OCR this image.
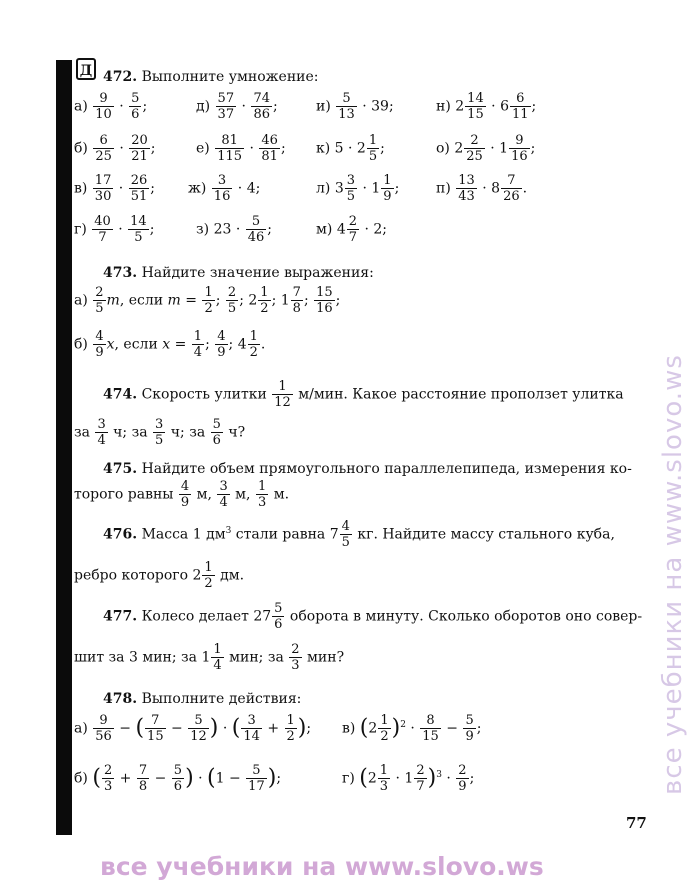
Д 472. Выполните умножение:
$а) \frac{9}{10} \cdot \frac{5}{6}$ ;	$д) \frac{57}{37} \cdot \frac{74}{86}$ ;	$и) \frac{5}{13} \cdot 39$;	н) $2 \frac{14}{15} \cdot 6 \frac{6}{11}$ ;
$б) \frac{6}{25} \cdot \frac{20}{21}$ ;	$е) \frac{81}{115} \cdot \frac{46}{81}$ ; к) $5 \cdot 2 \frac{1}{5}$ ;	о) $2 \frac{2}{25} \cdot 1 \frac{9}{16}$ ;
$в) \frac{17}{30} \cdot \frac{26}{51}$ ; $ж) \frac{3}{16} \cdot 4$;	л) $3 \frac{3}{5} \cdot 1 \frac{1}{9}$ ;	$п) \frac{13}{43} \cdot 8 \frac{7}{26}$ .
$г) \frac{40}{7} \cdot \frac{14}{5}$ ;	з) $23 \cdot \frac{5}{46}$ ;	м) $4 \frac{2}{7} \cdot 2$;
473. Найдите значение выражения:
$а) \frac{2}{5} m$, если $m = \frac{1}{2}$ ; $\frac{2}{5}$ ; $2 \frac{1}{2}$ ; $1 \frac{7}{8}$ ; $\frac{15}{16}$ ;
$б) \frac{4}{9} x$, если $x = \frac{1}{4}$ ; $\frac{4}{9}$ ; $4 \frac{1}{2}$ .
474. Скорость улитки $\frac{1}{12} м/мин$. Какое расстояние проползет улитка
за $\frac{3}{4} ч$; за $\frac{3}{5} ч$; за $\frac{5}{6} ч$?
475. Найдите объем прямоугольного параллелепипеда, измерения ко-
торого равны $\frac{4}{9} м$, $\frac{3}{4} м$, $\frac{1}{3} м$.
476. Масса 1 $дм^3$ стали равна $7 \frac{4}{5}$ кг. Найдите массу стального куба,
ребро которого $2 \frac{1}{2}$ дм.
477. Колесо делает $27 \frac{5}{6}$ оборота в минуту. Сколько оборотов оно совер-
шит за 3 мин; за $1 \frac{1}{4}$ мин; за $\frac{2}{3}$ мин?
478. Выполните действия:
$а) \frac{9}{56}$ − ( $\frac{7}{15} - \frac{5}{12}$ ) · ( $\frac{3}{14} + \frac{1}{2}$ ); в) $(2 \frac{1}{2} )^2 \cdot \frac{8}{15} - \frac{5}{9}$ ;
б) ( $\frac{2}{3} + \frac{7}{8} - \frac{5}{6}$ ) · ($1 - \frac{5}{17}$ );	г) $(2 \frac{1}{3} \cdot 1 \frac{2}{7} )^3 \cdot \frac{2}{9}$ ;
77
все учебники на www.slovo.ws
все учебники на www.slovo.ws
